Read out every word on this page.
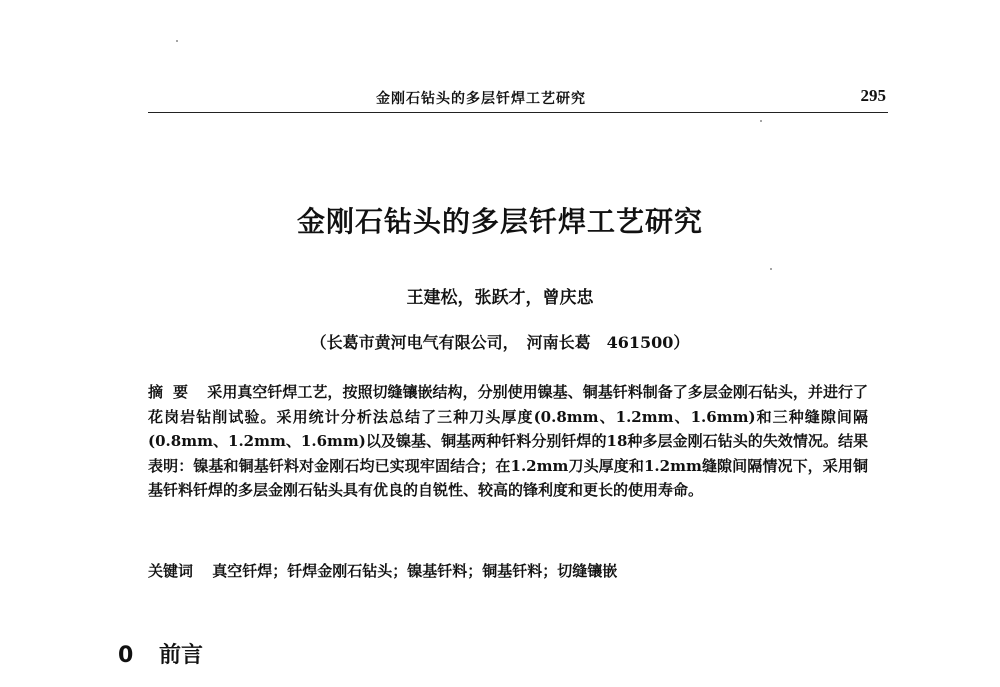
金刚石钻头的多层钎焊工艺研究	295
金刚石钻头的多层钎焊工艺研究
王建松，张跃才，曾庆忠
（长葛市黄河电气有限公司，　河南长葛　461500）
摘要 采用真空钎焊工艺，按照切缝镶嵌结构，分别使用镍基、铜基钎料制备了多层金刚石钻头，并进行了花岗岩钻削试验。采用统计分析法总结了三种刀头厚度(0.8mm、1.2mm、1.6mm)和三种缝隙间隔(0.8mm、1.2mm、1.6mm)以及镍基、铜基两种钎料分别钎焊的18种多层金刚石钻头的失效情况。结果表明：镍基和铜基钎料对金刚石均已实现牢固结合；在1.2mm刀头厚度和1.2mm缝隙间隔情况下，采用铜基钎料钎焊的多层金刚石钻头具有优良的自锐性、较高的锋利度和更长的使用寿命。
关键词 真空钎焊；钎焊金刚石钻头；镍基钎料；铜基钎料；切缝镶嵌
0 前言
